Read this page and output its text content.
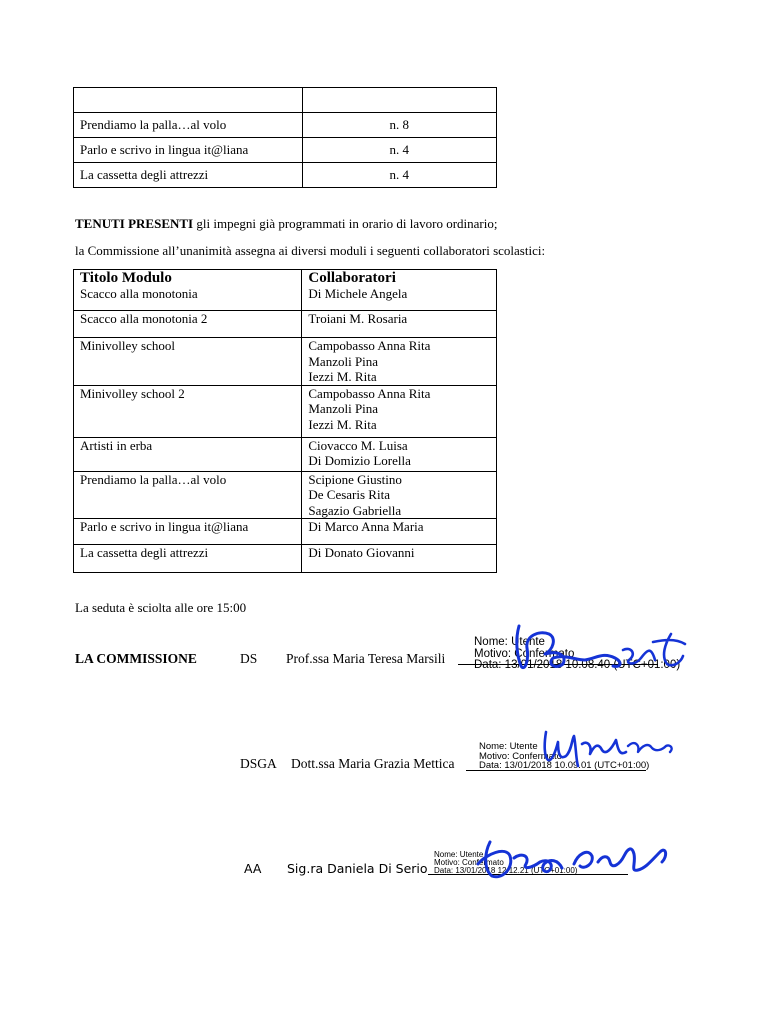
Prendiamo la palla…al volo	n. 8
Parlo e scrivo in lingua it@liana	n. 4
La cassetta degli attrezzi	n. 4
TENUTI PRESENTI gli impegni già programmati in orario di lavoro ordinario;
la Commissione all’unanimità assegna ai diversi moduli i seguenti collaboratori scolastici:
Titolo Modulo	Collaboratori
Scacco alla monotonia	Di Michele Angela

Scacco alla monotonia 2	Troiani M. Rosaria

Minivolley school	Campobasso Anna Rita
Manzoli Pina
Iezzi M. Rita

Minivolley school 2	Campobasso Anna Rita
Manzoli Pina
Iezzi M. Rita

Artisti in erba	Ciovacco M. Luisa
Di Domizio Lorella

Prendiamo la palla…al volo	Scipione Giustino
De Cesaris Rita
Sagazio Gabriella

Parlo e scrivo in lingua it@liana	Di Marco Anna Maria

La cassetta degli attrezzi	Di Donato Giovanni
La seduta è sciolta alle ore 15:00
LA COMMISSIONE	DS Prof.ssa Maria Teresa Marsili
Nome: Utente
Motivo: Confermato
Data: 13/01/2018 10.08.40 (UTC+01:00)
DSGA Dott.ssa Maria Grazia Mettica
Nome: Utente
Motivo: Confermato
Data: 13/01/2018 10.09.01 (UTC+01:00)
AA Sig.ra Daniela Di Serio
Nome: Utente
Motivo: Confermato
Data: 13/01/2018 12.12.21 (UTC+01:00)
